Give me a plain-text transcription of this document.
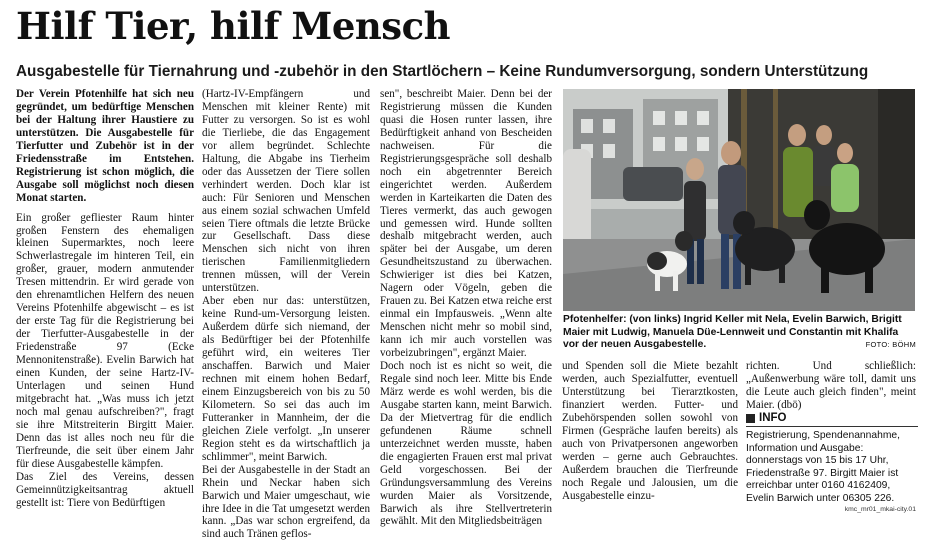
Hilf Tier, hilf Mensch
Ausgabestelle für Tiernahrung und -zubehör in den Startlöchern – Keine Rundumversorgung, sondern Unterstützung

Der Verein Pfotenhilfe hat sich neu gegründet, um bedürftige Menschen bei der Haltung ihrer Haustiere zu unterstützen. Die Ausgabestelle für Tierfutter und Zubehör ist in der Friedensstraße im Entstehen. Registrierung ist schon möglich, die Ausgabe soll möglichst noch diesen Monat starten.

Ein großer gefliester Raum hinter großen Fenstern des ehemaligen kleinen Supermarktes, noch leere Schwerlastregale im hinteren Teil, ein großer, grauer, modern anmutender Tresen mittendrin. Er wird gerade von den ehrenamtlichen Helfern des neuen Vereins Pfotenhilfe abgewischt – es ist der erste Tag für die Registrierung bei der Tierfutter-Ausgabestelle in der Friedenstraße 97 (Ecke Mennonitenstraße). Evelin Barwich hat einen Kunden, der seine Hartz-IV-Unterlagen und seinen Hund mitgebracht hat. „Was muss ich jetzt noch mal genau aufschreiben?", fragt sie ihre Mitstreiterin Birgitt Maier. Denn das ist alles noch neu für die Tierfreunde, die seit über einem Jahr für diese Ausgabestelle kämpfen.

Das Ziel des Vereins, dessen Gemeinnützigkeitsantrag aktuell gestellt ist: Tiere von Bedürftigen

(Hartz-IV-Empfängern und Menschen mit kleiner Rente) mit Futter zu versorgen. So ist es wohl die Tierliebe, die das Engagement vor allem begründet. Schlechte Haltung, die Abgabe ins Tierheim oder das Aussetzen der Tiere sollen verhindert werden. Doch klar ist auch: Für Senioren und Menschen aus einem sozial schwachen Umfeld seien Tiere oftmals die letzte Brücke zur Gesellschaft. Dass diese Menschen sich nicht von ihren tierischen Familienmitgliedern trennen müssen, will der Verein unterstützen.

Aber eben nur das: unterstützen, keine Rund-um-Versorgung leisten. Außerdem dürfe sich niemand, der als Bedürftiger bei der Pfotenhilfe geführt wird, ein weiteres Tier anschaffen. Barwich und Maier rechnen mit einem hohen Bedarf, einem Einzugsbereich von bis zu 50 Kilometern. So sei das auch im Futteranker in Mannheim, der die gleichen Ziele verfolgt. „In unserer Region steht es da wirtschaftlich ja schlimmer", meint Barwich.

Bei der Ausgabestelle in der Stadt an Rhein und Neckar haben sich Barwich und Maier umgeschaut, wie ihre Idee in die Tat umgesetzt werden kann. „Das war schon ergreifend, da sind auch Tränen geflos-

sen", beschreibt Maier. Denn bei der Registrierung müssen die Kunden quasi die Hosen runter lassen, ihre Bedürftigkeit anhand von Bescheiden nachweisen. Für die Registrierungsgespräche soll deshalb noch ein abgetrennter Bereich eingerichtet werden. Außerdem werden in Karteikarten die Daten des Tieres vermerkt, das auch gewogen und gemessen wird. Hunde sollten deshalb mitgebracht werden, auch später bei der Ausgabe, um deren Gesundheitszustand zu überwachen. Schwieriger ist dies bei Katzen, Nagern oder Vögeln, geben die Frauen zu. Bei Katzen etwa reiche erst einmal ein Impfausweis. „Wenn alte Menschen nicht mehr so mobil sind, kann ich mir auch vorstellen was vorbeizubringen", ergänzt Maier.

Doch noch ist es nicht so weit, die Regale sind noch leer. Mitte bis Ende März werde es wohl werden, bis die Ausgabe starten kann, meint Barwich. Da der Mietvertrag für die endlich gefundenen Räume schnell unterzeichnet werden musste, haben die engagierten Frauen erst mal privat Geld vorgeschossen. Bei der Gründungsversammlung des Vereins wurden Maier als Vorsitzende, Barwich als ihre Stellvertreterin gewählt. Mit den Mitgliedsbeiträgen

Pfotenhelfer: (von links) Ingrid Keller mit Nela, Evelin Barwich, Brigitt Maier mit Ludwig, Manuela Düe-Lennweit und Constantin mit Khalifa vor der neuen Ausgabestelle.	FOTO: BÖHM

und Spenden soll die Miete bezahlt werden, auch Spezialfutter, eventuell Unterstützung bei Tierarztkosten, finanziert werden. Futter- und Zubehörspenden sollen sowohl von Firmen (Gespräche laufen bereits) als auch von Privatpersonen angeworben werden – gerne auch Gebrauchtes. Außerdem brauchen die Tierfreunde noch Regale und Jalousien, um die Ausgabestelle einzu-

richten. Und schließlich: „Außenwerbung wäre toll, damit uns die Leute auch gleich finden", meint Maier. (dbö)

INFO
Registrierung, Spendenannahme, Information und Ausgabe: donnerstags von 15 bis 17 Uhr, Friedenstraße 97. Birgitt Maier ist erreichbar unter 0160 4162409, Evelin Barwich unter 06305 226.
kmc_mr01_mkai-city.01
